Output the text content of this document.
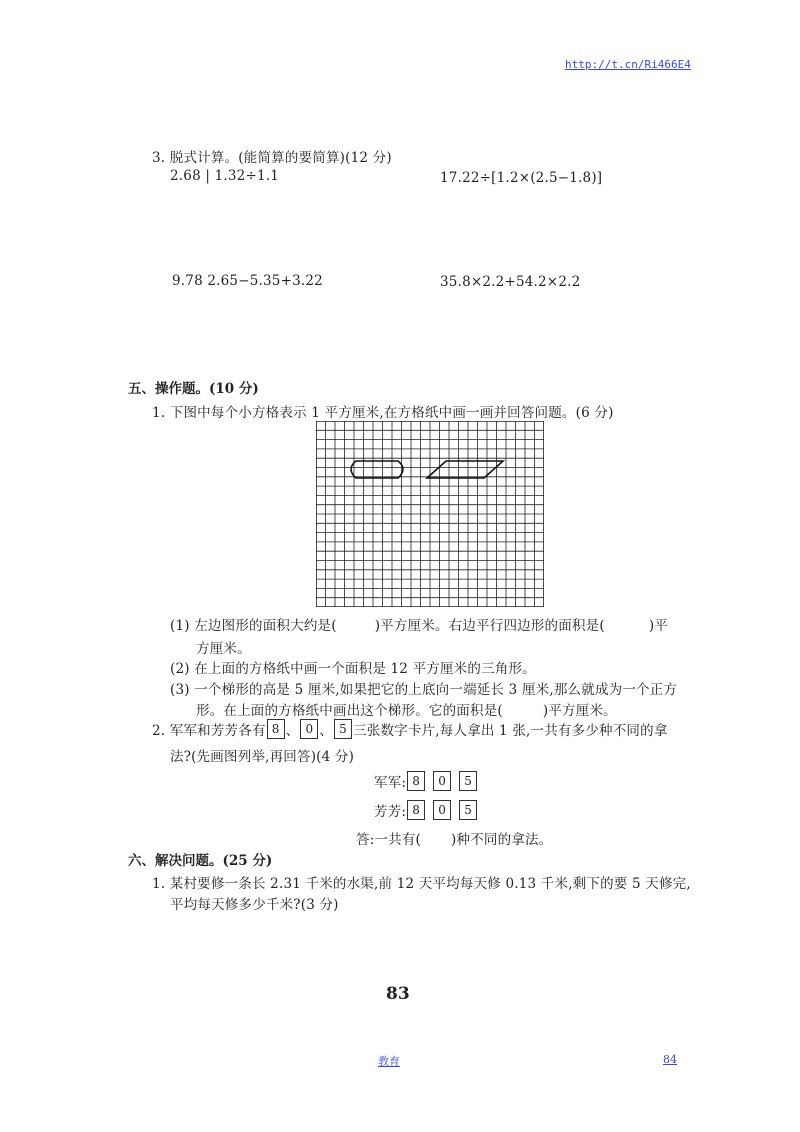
http://t.cn/Ri466E4
3. 脱式计算。(能简算的要简算)(12 分)
2.68 | 1.32÷1.1	17.22÷[1.2×(2.5−1.8)]
9.78 2.65−5.35+3.22	35.8×2.2+54.2×2.2
五、操作题。(10 分)
1. 下图中每个小方格表示 1 平方厘米,在方格纸中画一画并回答问题。(6 分)
(1) 左边图形的面积大约是(	)平方厘米。右边平行四边形的面积是(	)平
方厘米。
(2) 在上面的方格纸中画一个面积是 12 平方厘米的三角形。
(3) 一个梯形的高是 5 厘米,如果把它的上底向一端延长 3 厘米,那么就成为一个正方
形。在上面的方格纸中画出这个梯形。它的面积是(	)平方厘米。
2. 军军和芳芳各有 8 、 0 、 5 三张数字卡片,每人拿出 1 张,一共有多少种不同的拿
法?(先画图列举,再回答)(4 分)
军军: 8	0	5
芳芳: 8	0	5
答:一共有( )种不同的拿法。
六、解决问题。(25 分)
1. 某村要修一条长 2.31 千米的水渠,前 12 天平均每天修 0.13 千米,剩下的要 5 天修完,
平均每天修多少千米?(3 分)
83
教育	84
